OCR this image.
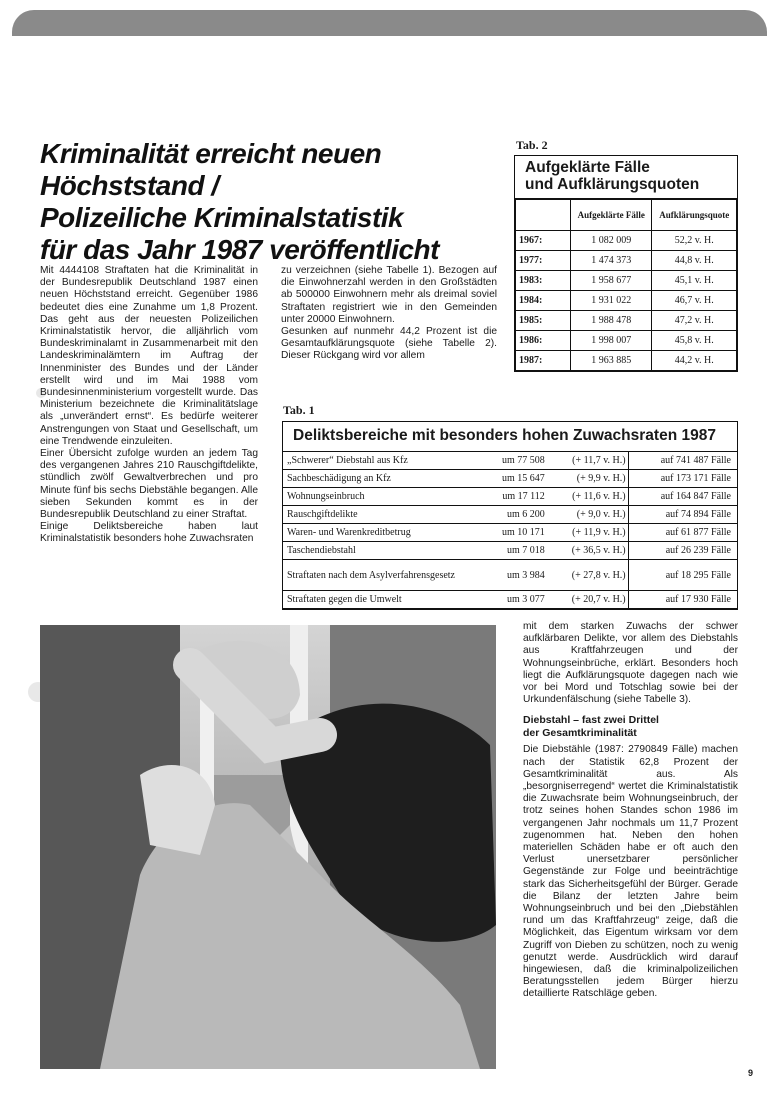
Kriminalität erreicht neuen
Höchststand /
Polizeiliche Kriminalstatistik
für das Jahr 1987 veröffentlicht

Mit 4444108 Straftaten hat die Kriminalität in der Bundesrepublik Deutschland 1987 einen neuen Höchststand erreicht. Gegenüber 1986 bedeutet dies eine Zunahme um 1,8 Prozent. Das geht aus der neuesten Polizeilichen Kriminalstatistik hervor, die alljährlich vom Bundeskriminalamt in Zusammenarbeit mit den Landeskriminalämtern im Auftrag der Innenminister des Bundes und der Länder erstellt wird und im Mai 1988 vom Bundesinnenministerium vorgestellt wurde. Das Ministerium bezeichnete die Kriminalitätslage als „unverändert ernst“. Es bedürfe weiterer Anstrengungen von Staat und Gesellschaft, um eine Trendwende einzuleiten.

Einer Übersicht zufolge wurden an jedem Tag des vergangenen Jahres 210 Rauschgiftdelikte, stündlich zwölf Gewaltverbrechen und pro Minute fünf bis sechs Diebstähle begangen. Alle sieben Sekunden kommt es in der Bundesrepublik Deutschland zu einer Straftat.

Einige Deliktsbereiche haben laut Kriminalstatistik besonders hohe Zuwachsraten

zu verzeichnen (siehe Tabelle 1). Bezogen auf die Einwohnerzahl werden in den Großstädten ab 500000 Einwohnern mehr als dreimal soviel Straftaten registriert wie in den Gemeinden unter 20000 Einwohnern.

Gesunken auf nunmehr 44,2 Prozent ist die Gesamtaufklärungsquote (siehe Tabelle 2). Dieser Rückgang wird vor allem

Tab. 2
Aufgeklärte Fälle
und Aufklärungsquoten
	Aufgeklärte Fälle	Aufklärungsquote
1967:	1 082 009	52,2 v. H.
1977:	1 474 373	44,8 v. H.
1983:	1 958 677	45,1 v. H.
1984:	1 931 022	46,7 v. H.
1985:	1 988 478	47,2 v. H.
1986:	1 998 007	45,8 v. H.
1987:	1 963 885	44,2 v. H.
Tab. 1
Deliktsbereiche mit besonders hohen Zuwachsraten 1987
„Schwerer“ Diebstahl aus Kfz	um 77 508	(+ 11,7 v. H.)	auf 741 487 Fälle
Sachbeschädigung an Kfz	um 15 647	(+ 9,9 v. H.)	auf 173 171 Fälle
Wohnungseinbruch	um 17 112	(+ 11,6 v. H.)	auf 164 847 Fälle
Rauschgiftdelikte	um 6 200	(+ 9,0 v. H.)	auf 74 894 Fälle
Waren- und Warenkreditbetrug	um 10 171	(+ 11,9 v. H.)	auf 61 877 Fälle
Taschendiebstahl	um 7 018	(+ 36,5 v. H.)	auf 26 239 Fälle
Straftaten nach dem Asylverfahrensgesetz	um 3 984	(+ 27,8 v. H.)	auf 18 295 Fälle
Straftaten gegen die Umwelt	um 3 077	(+ 20,7 v. H.)	auf 17 930 Fälle

mit dem starken Zuwachs der schwer aufklärbaren Delikte, vor allem des Diebstahls aus Kraftfahrzeugen und der Wohnungseinbrüche, erklärt. Besonders hoch liegt die Aufklärungsquote dagegen nach wie vor bei Mord und Totschlag sowie bei der Urkundenfälschung (siehe Tabelle 3).

Diebstahl – fast zwei Drittel
der Gesamtkriminalität

Die Diebstähle (1987: 2790849 Fälle) machen nach der Statistik 62,8 Prozent der Gesamtkriminalität aus. Als „besorgniserregend“ wertet die Kriminalstatistik die Zuwachsrate beim Wohnungseinbruch, der trotz seines hohen Standes schon 1986 im vergangenen Jahr nochmals um 11,7 Prozent zugenommen hat. Neben den hohen materiellen Schäden habe er oft auch den Verlust unersetzbarer persönlicher Gegenstände zur Folge und beeinträchtige stark das Sicherheitsgefühl der Bürger. Gerade die Bilanz der letzten Jahre beim Wohnungseinbruch und bei den „Diebstählen rund um das Kraftfahrzeug“ zeige, daß die Möglichkeit, das Eigentum wirksam vor dem Zugriff von Dieben zu schützen, noch zu wenig genutzt werde. Ausdrücklich wird darauf hingewiesen, daß die kriminalpolizeilichen Beratungsstellen jedem Bürger hierzu detaillierte Ratschläge geben.

9
